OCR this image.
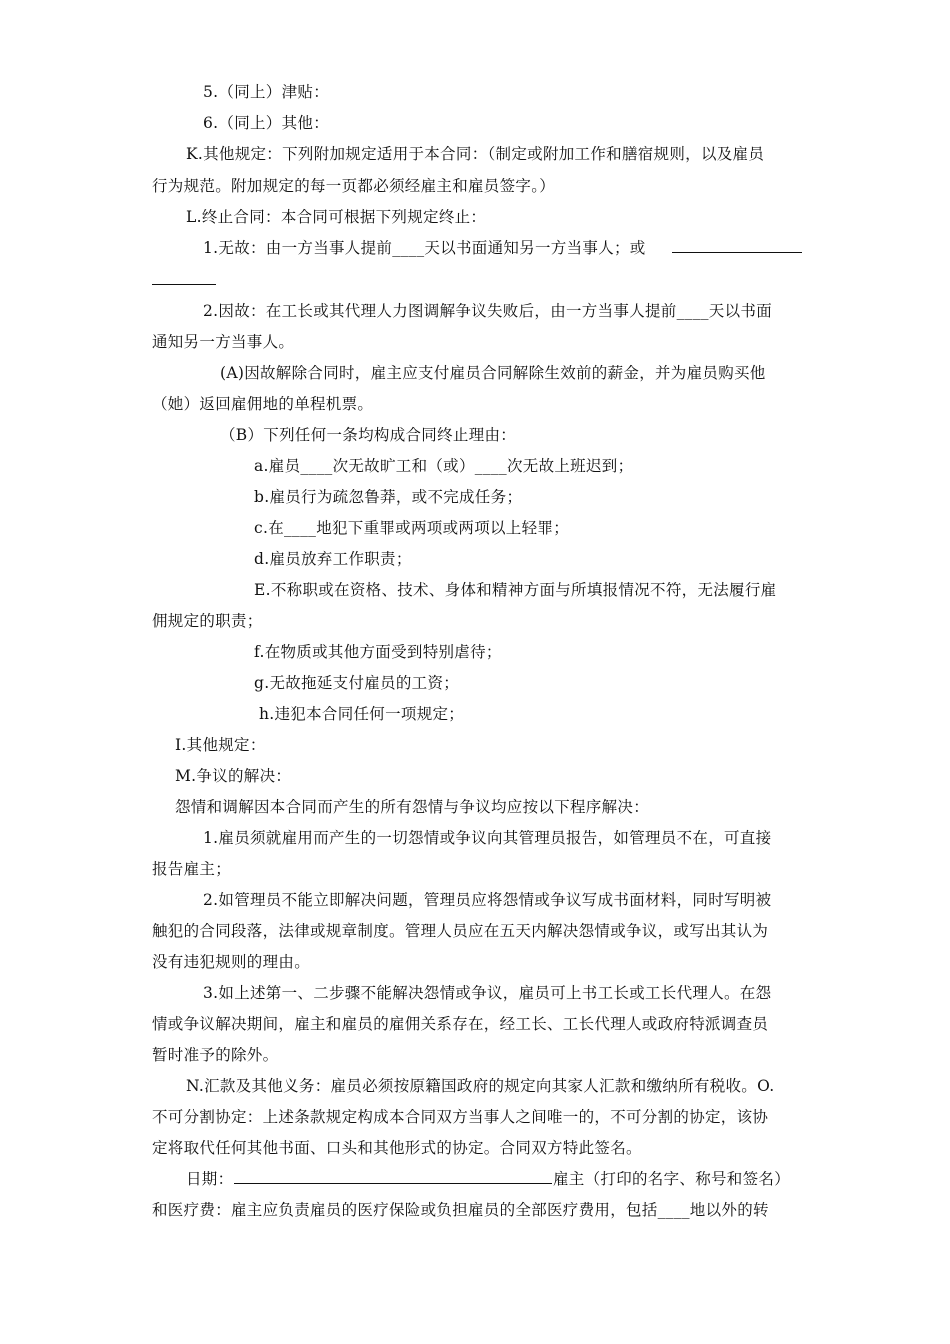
5.（同上）津贴：
6.（同上）其他：
K.其他规定：下列附加规定适用于本合同：（制定或附加工作和膳宿规则，以及雇员
行为规范。附加规定的每一页都必须经雇主和雇员签字。）
L.终止合同：本合同可根据下列规定终止：
1.无故：由一方当事人提前____天以书面通知另一方当事人；或
2.因故：在工长或其代理人力图调解争议失败后，由一方当事人提前____天以书面
通知另一方当事人。
(A)因故解除合同时，雇主应支付雇员合同解除生效前的薪金，并为雇员购买他
（她）返回雇佣地的单程机票。
（B）下列任何一条均构成合同终止理由：
a.雇员____次无故旷工和（或）____次无故上班迟到；
b.雇员行为疏忽鲁莽，或不完成任务；
c.在____地犯下重罪或两项或两项以上轻罪；
d.雇员放弃工作职责；
E.不称职或在资格、技术、身体和精神方面与所填报情况不符，无法履行雇
佣规定的职责；
f.在物质或其他方面受到特别虐待；
g.无故拖延支付雇员的工资；
h.违犯本合同任何一项规定；
I.其他规定：
M.争议的解决：
怨情和调解因本合同而产生的所有怨情与争议均应按以下程序解决：
1.雇员须就雇用而产生的一切怨情或争议向其管理员报告，如管理员不在，可直接
报告雇主；
2.如管理员不能立即解决问题，管理员应将怨情或争议写成书面材料，同时写明被
触犯的合同段落，法律或规章制度。管理人员应在五天内解决怨情或争议，或写出其认为
没有违犯规则的理由。
3.如上述第一、二步骤不能解决怨情或争议，雇员可上书工长或工长代理人。在怨
情或争议解决期间，雇主和雇员的雇佣关系存在，经工长、工长代理人或政府特派调查员
暂时准予的除外。
N.汇款及其他义务：雇员必须按原籍国政府的规定向其家人汇款和缴纳所有税收。O.
不可分割协定：上述条款规定构成本合同双方当事人之间唯一的，不可分割的协定，该协
定将取代任何其他书面、口头和其他形式的协定。合同双方特此签名。
日期：	雇主（打印的名字、称号和签名）
和医疗费：雇主应负责雇员的医疗保险或负担雇员的全部医疗费用，包括____地以外的转
